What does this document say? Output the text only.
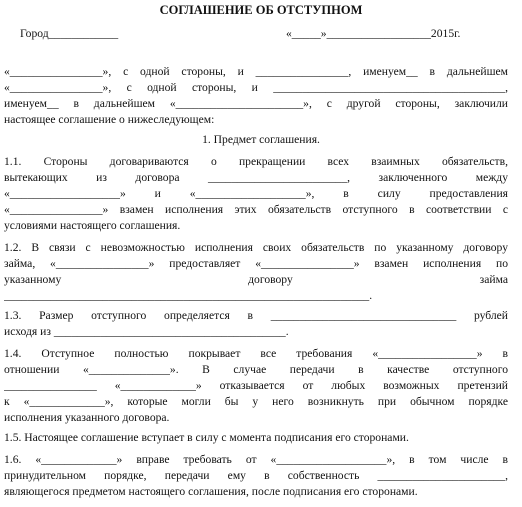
СОГЛАШЕНИЕ ОБ ОТСТУПНОМ
Город____________	«_____»__________________2015г.
«________________», с одной стороны, и ________________, именуем__ в дальнейшем
«________________», с одной стороны, и ________________________________________,
именуем__ в дальнейшем «______________________», с другой стороны, заключили
настоящее соглашение о нижеследующем:
1. Предмет соглашения.
1.1. Стороны договариваются о прекращении всех взаимных обязательств,
вытекающих из договора ________________________, заключенного между
«___________________» и «___________________», в силу предоставления
«________________» взамен исполнения этих обязательств отступного в соответствии с
условиями настоящего соглашения.
1.2. В связи с невозможностью исполнения своих обязательств по указанному договору
займа, «________________» предоставляет «________________» взамен исполнения по
указанному договору займа
_______________________________________________________________.
1.3. Размер отступного определяется в ________________________________ рублей
исходя из ________________________________________.
1.4. Отступное полностью покрывает все требования «_________________» в
отношении «______________». В случае передачи в качестве отступного
________________ «_____________» отказывается от любых возможных претензий
к «_____________», которые могли бы у него возникнуть при обычном порядке
исполнения указанного договора.
1.5. Настоящее соглашение вступает в силу с момента подписания его сторонами.
1.6. «_____________» вправе требовать от «___________________», в том числе в
принудительном порядке, передачи ему в собственность ______________________,
являющегося предметом настоящего соглашения, после подписания его сторонами.
